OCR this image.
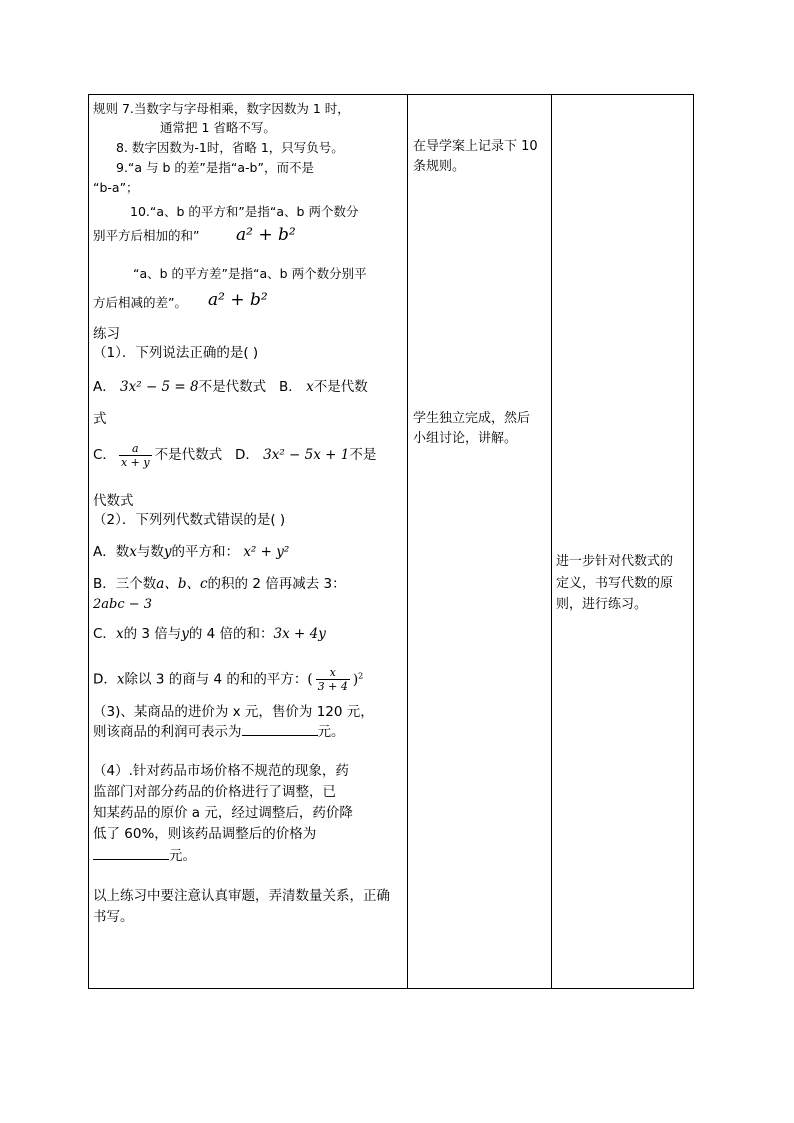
规则 7.当数字与字母相乘，数字因数为 1 时，
通常把 1 省略不写。
8. 数字因数为-1时，省略 1，只写负号。
9.“a 与 b 的差”是指“a-b”，而不是
“b-a”；
10.“a、b 的平方和”是指“a、b 两个数分
别平方后相加的和” a² + b²
“a、b 的平方差”是指“a、b 两个数分别平
方后相减的差”。 a² + b²
练习
（1）．下列说法正确的是( )
A． 3x² − 5 = 8不是代数式 B． x不是代数
式
C． $\frac{a}{x + y}$ 不是代数式 D． 3x² − 5x + 1不是
代数式
（2）．下列列代数式错误的是( )
A．数x与数y的平方和： x² + y²
B．三个数a、b、c的积的 2 倍再减去 3：
2abc − 3
C．x的 3 倍与y的 4 倍的和：3x + 4y
D．x除以 3 的商与 4 的和的平方：( $\frac{x}{3 + 4} )^2$
（3)、某商品的进价为 x 元，售价为 120 元，
则该商品的利润可表示为	元。
（4）.针对药品市场价格不规范的现象，药
监部门对部分药品的价格进行了调整，已
知某药品的原价 a 元，经过调整后，药价降
低了 60%，则该药品调整后的价格为
元。
以上练习中要注意认真审题，弄清数量关系，正确
书写。
在导学案上记录下 10
条规则。
学生独立完成，然后
小组讨论，讲解。
进一步针对代数式的
定义，书写代数的原
则，进行练习。
